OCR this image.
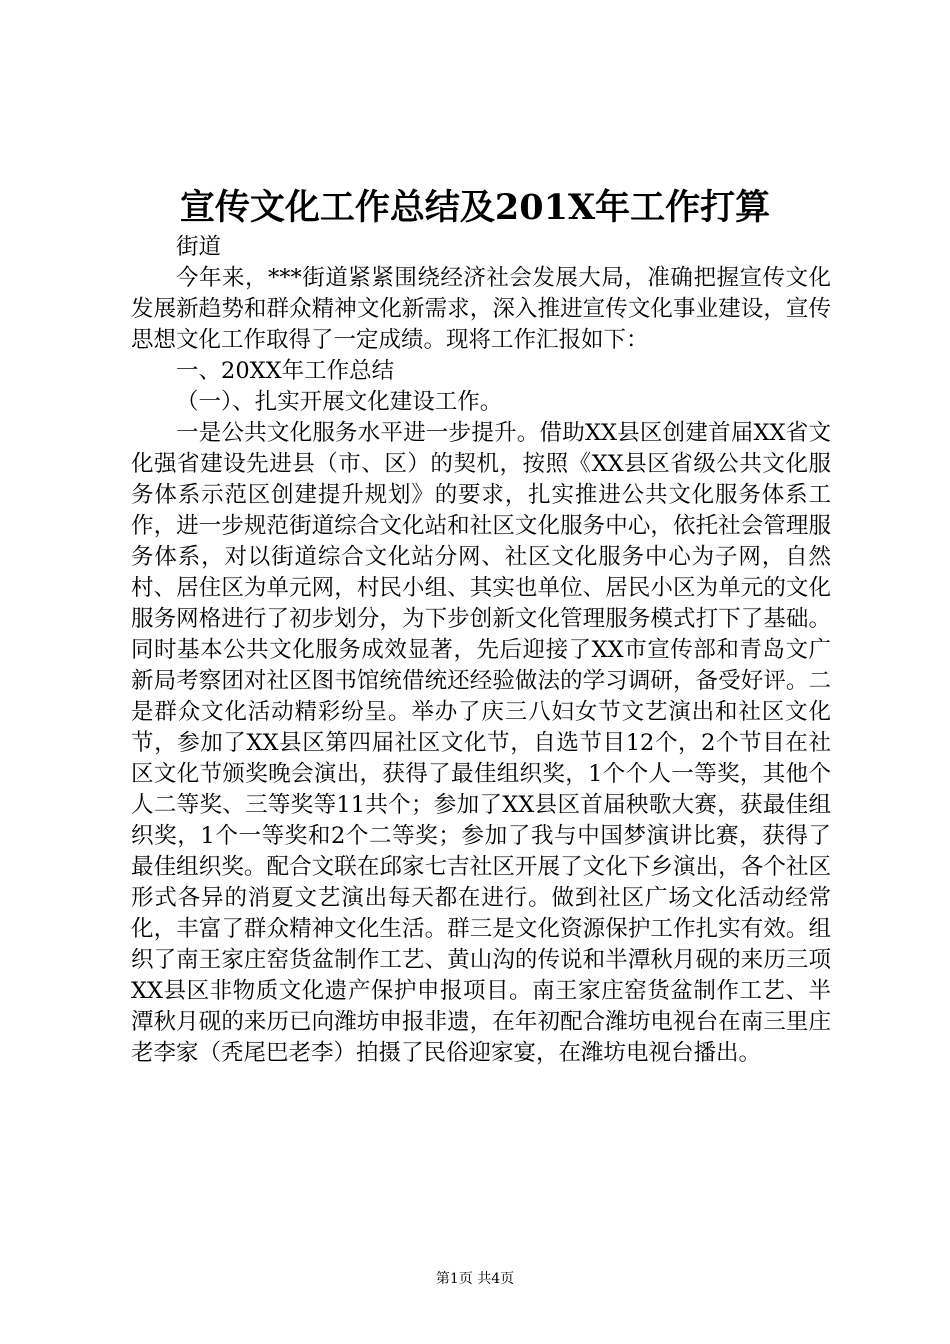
宣传文化工作总结及201X年工作打算

街道

今年来，***街道紧紧围绕经济社会发展大局，准确把握宣传文化发展新趋势和群众精神文化新需求，深入推进宣传文化事业建设，宣传思想文化工作取得了一定成绩。现将工作汇报如下：

一、20XX年工作总结

（一）、扎实开展文化建设工作。

一是公共文化服务水平进一步提升。借助XX县区创建首届XX省文化强省建设先进县（市、区）的契机，按照《XX县区省级公共文化服务体系示范区创建提升规划》的要求，扎实推进公共文化服务体系工作，进一步规范街道综合文化站和社区文化服务中心，依托社会管理服务体系，对以街道综合文化站分网、社区文化服务中心为子网，自然村、居住区为单元网，村民小组、其实也单位、居民小区为单元的文化服务网格进行了初步划分，为下步创新文化管理服务模式打下了基础。同时基本公共文化服务成效显著，先后迎接了XX市宣传部和青岛文广新局考察团对社区图书馆统借统还经验做法的学习调研，备受好评。二是群众文化活动精彩纷呈。举办了庆三八妇女节文艺演出和社区文化节，参加了XX县区第四届社区文化节，自选节目12个，2个节目在社区文化节颁奖晚会演出，获得了最佳组织奖，1个个人一等奖，其他个人二等奖、三等奖等11共个；参加了XX县区首届秧歌大赛，获最佳组织奖，1个一等奖和2个二等奖；参加了我与中国梦演讲比赛，获得了最佳组织奖。配合文联在邱家七吉社区开展了文化下乡演出，各个社区形式各异的消夏文艺演出每天都在进行。做到社区广场文化活动经常化，丰富了群众精神文化生活。群三是文化资源保护工作扎实有效。组织了南王家庄窑货盆制作工艺、黄山沟的传说和半潭秋月砚的来历三项XX县区非物质文化遗产保护申报项目。南王家庄窑货盆制作工艺、半潭秋月砚的来历已向潍坊申报非遗，在年初配合潍坊电视台在南三里庄老李家（秃尾巴老李）拍摄了民俗迎家宴，在潍坊电视台播出。

第1页 共4页
